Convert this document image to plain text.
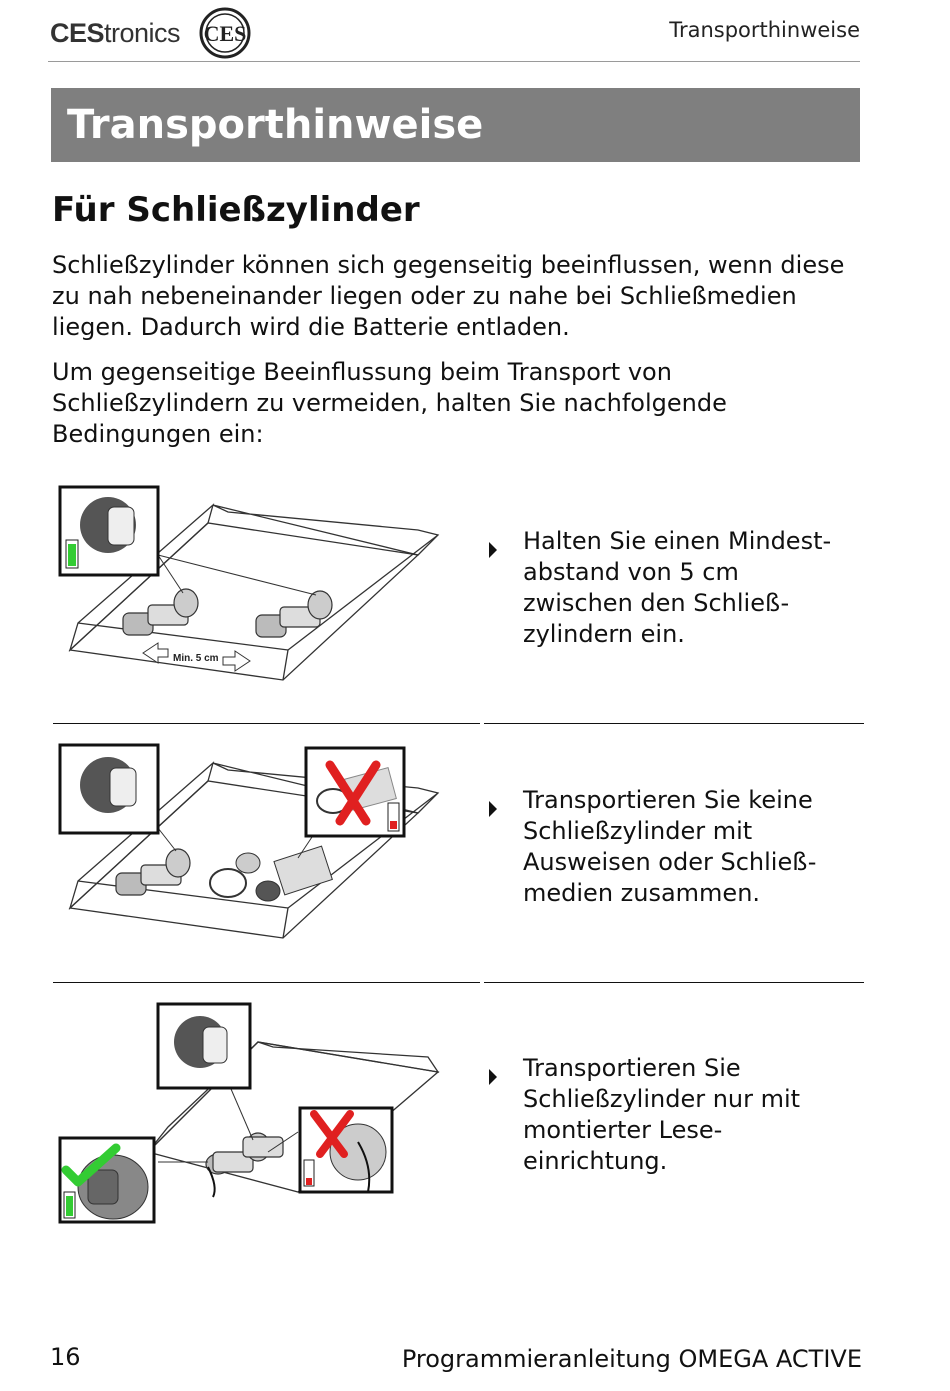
CEStronics CES	Transporthinweise
Transporthinweise
Für Schließzylinder

Schließzylinder können sich gegenseitig beeinflussen, wenn diese zu nah nebeneinander liegen oder zu nahe bei Schließmedien liegen. Dadurch wird die Batterie entladen.

Um gegenseitige Beeinflussung beim Transport von Schließzylindern zu vermeiden, halten Sie nachfolgende Bedingungen ein:

Min. 5 cm
Halten Sie einen Mindest-
abstand von 5 cm
zwischen den Schließ-
zylindern ein.
Transportieren Sie keine
Schließzylinder mit
Ausweisen oder Schließ-
medien zusammen.
Transportieren Sie
Schließzylinder nur mit
montierter Lese-
einrichtung.
16	Programmieranleitung OMEGA ACTIVE
